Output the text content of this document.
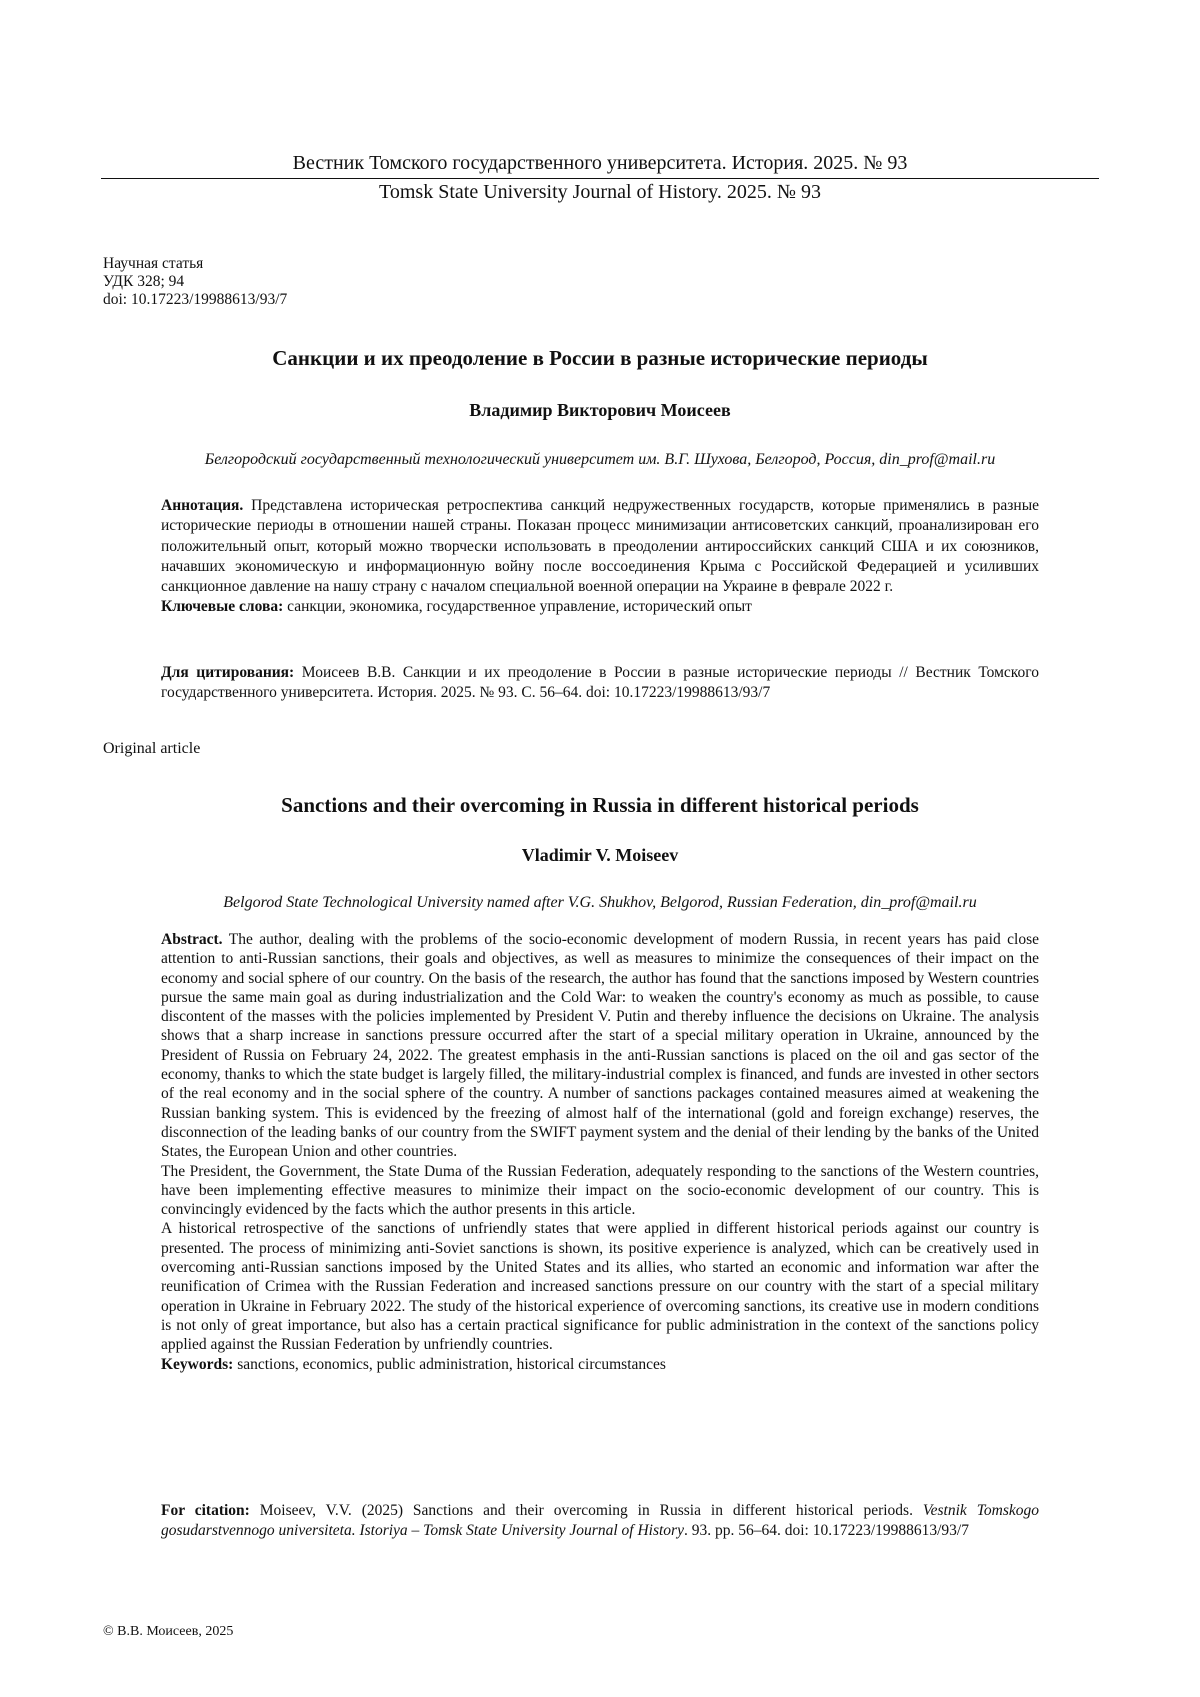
Вестник Томского государственного университета. История. 2025. № 93
Tomsk State University Journal of History. 2025. № 93
Научная статья
УДК 328; 94
doi: 10.17223/19988613/93/7
Санкции и их преодоление в России в разные исторические периоды
Владимир Викторович Моисеев
Белгородский государственный технологический университет им. В.Г. Шухова, Белгород, Россия, din_prof@mail.ru

Аннотация. Представлена историческая ретроспектива санкций недружественных государств, которые применялись в разные исторические периоды в отношении нашей страны. Показан процесс минимизации антисоветских санкций, проанализирован его положительный опыт, который можно творчески использовать в преодолении антироссийских санкций США и их союзников, начавших экономическую и информационную войну после воссоединения Крыма с Российской Федерацией и усиливших санкционное давление на нашу страну с началом специальной военной операции на Украине в феврале 2022 г.

Ключевые слова: санкции, экономика, государственное управление, исторический опыт

Для цитирования: Моисеев В.В. Санкции и их преодоление в России в разные исторические периоды // Вестник Томского государственного университета. История. 2025. № 93. С. 56–64. doi: 10.17223/19988613/93/7

Original article
Sanctions and their overcoming in Russia in different historical periods
Vladimir V. Moiseev
Belgorod State Technological University named after V.G. Shukhov, Belgorod, Russian Federation, din_prof@mail.ru

Abstract. The author, dealing with the problems of the socio-economic development of modern Russia, in recent years has paid close attention to anti-Russian sanctions, their goals and objectives, as well as measures to minimize the consequences of their impact on the economy and social sphere of our country. On the basis of the research, the author has found that the sanctions imposed by Western countries pursue the same main goal as during industrialization and the Cold War: to weaken the country's economy as much as possible, to cause discontent of the masses with the policies implemented by President V. Putin and thereby influence the decisions on Ukraine. The analysis shows that a sharp increase in sanctions pressure occurred after the start of a special military operation in Ukraine, announced by the President of Russia on February 24, 2022. The greatest emphasis in the anti-Russian sanctions is placed on the oil and gas sector of the economy, thanks to which the state budget is largely filled, the military-industrial complex is financed, and funds are invested in other sectors of the real economy and in the social sphere of the country. A number of sanctions packages contained measures aimed at weakening the Russian banking system. This is evidenced by the freezing of almost half of the international (gold and foreign exchange) reserves, the disconnection of the leading banks of our country from the SWIFT payment system and the denial of their lending by the banks of the United States, the European Union and other countries.

The President, the Government, the State Duma of the Russian Federation, adequately responding to the sanctions of the Western countries, have been implementing effective measures to minimize their impact on the socio-economic development of our country. This is convincingly evidenced by the facts which the author presents in this article.

A historical retrospective of the sanctions of unfriendly states that were applied in different historical periods against our country is presented. The process of minimizing anti-Soviet sanctions is shown, its positive experience is analyzed, which can be creatively used in overcoming anti-Russian sanctions imposed by the United States and its allies, who started an economic and information war after the reunification of Crimea with the Russian Federation and increased sanctions pressure on our country with the start of a special military operation in Ukraine in February 2022. The study of the historical experience of overcoming sanctions, its creative use in modern conditions is not only of great importance, but also has a certain practical significance for public administration in the context of the sanctions policy applied against the Russian Federation by unfriendly countries.

Keywords: sanctions, economics, public administration, historical circumstances

For citation: Moiseev, V.V. (2025) Sanctions and their overcoming in Russia in different historical periods. Vestnik Tomskogo gosudarstvennogo universiteta. Istoriya – Tomsk State University Journal of History. 93. pp. 56–64. doi: 10.17223/19988613/93/7

© В.В. Моисеев, 2025
